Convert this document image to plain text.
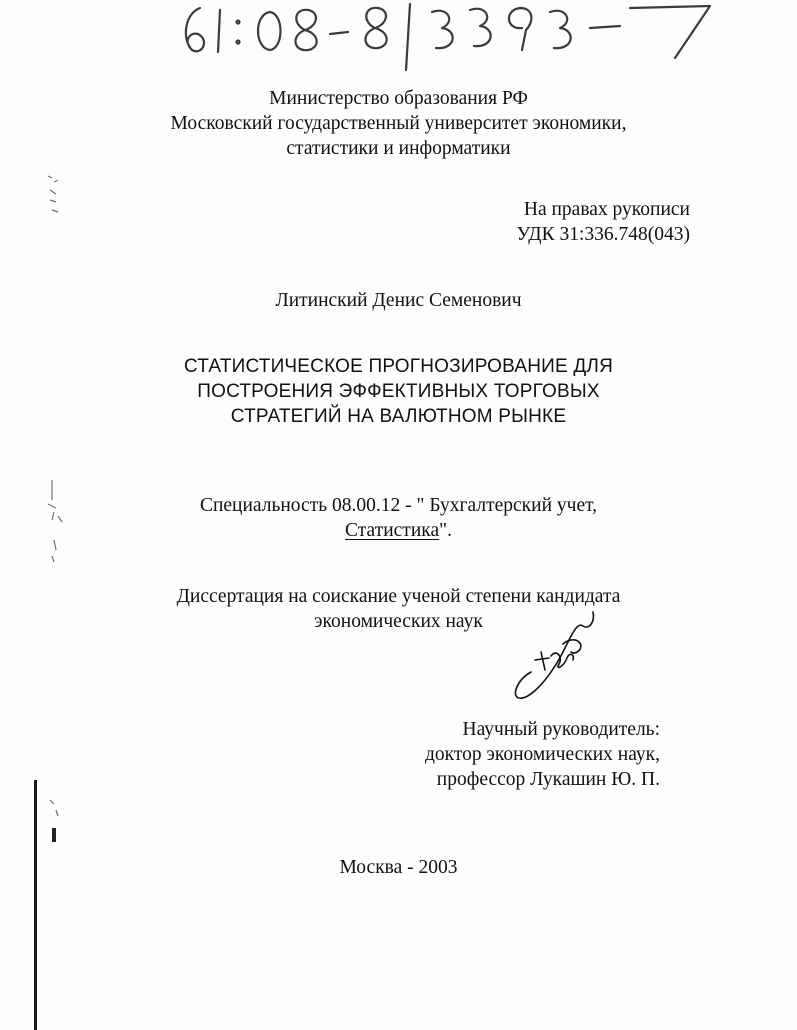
Министерство образования РФ
Московский государственный университет экономики,
статистики и информатики
На правах рукописи
УДК 31:336.748(043)
Литинский Денис Семенович
СТАТИСТИЧЕСКОЕ ПРОГНОЗИРОВАНИЕ ДЛЯ
ПОСТРОЕНИЯ ЭФФЕКТИВНЫХ ТОРГОВЫХ
СТРАТЕГИЙ НА ВАЛЮТНОМ РЫНКЕ
Специальность 08.00.12 - " Бухгалтерский учет,
Статистика".
Диссертация на соискание ученой степени кандидата
экономических наук
Научный руководитель:
доктор экономических наук,
профессор Лукашин Ю. П.
Москва - 2003
